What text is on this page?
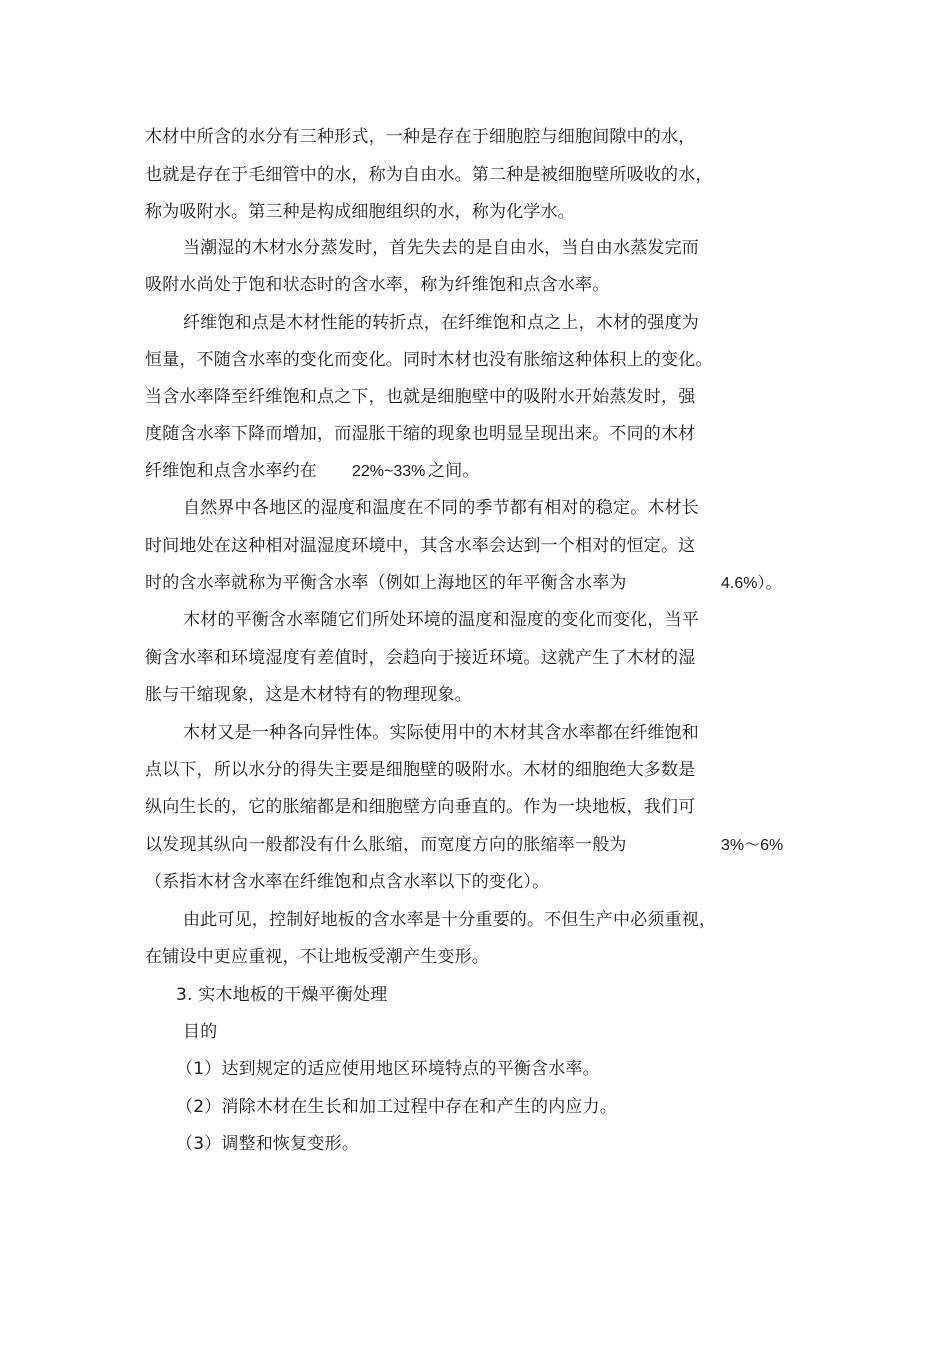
木材中所含的水分有三种形式，一种是存在于细胞腔与细胞间隙中的水，
也就是存在于毛细管中的水，称为自由水。第二种是被细胞壁所吸收的水，
称为吸附水。第三种是构成细胞组织的水，称为化学水。
当潮湿的木材水分蒸发时，首先失去的是自由水，当自由水蒸发完而
吸附水尚处于饱和状态时的含水率，称为纤维饱和点含水率。
纤维饱和点是木材性能的转折点，在纤维饱和点之上，木材的强度为
恒量，不随含水率的变化而变化。同时木材也没有胀缩这种体积上的变化。
当含水率降至纤维饱和点之下，也就是细胞壁中的吸附水开始蒸发时，强
度随含水率下降而增加，而湿胀干缩的现象也明显呈现出来。不同的木材
纤维饱和点含水率约在 22%~33% 之间。
自然界中各地区的湿度和温度在不同的季节都有相对的稳定。木材长
时间地处在这种相对温湿度环境中，其含水率会达到一个相对的恒定。这
时的含水率就称为平衡含水率（例如上海地区的年平衡含水率为	4.6%）。
木材的平衡含水率随它们所处环境的温度和湿度的变化而变化，当平
衡含水率和环境湿度有差值时，会趋向于接近环境。这就产生了木材的湿
胀与干缩现象，这是木材特有的物理现象。
木材又是一种各向异性体。实际使用中的木材其含水率都在纤维饱和
点以下，所以水分的得失主要是细胞壁的吸附水。木材的细胞绝大多数是
纵向生长的，它的胀缩都是和细胞壁方向垂直的。作为一块地板，我们可
以发现其纵向一般都没有什么胀缩，而宽度方向的胀缩率一般为	3%～6%
（系指木材含水率在纤维饱和点含水率以下的变化）。
由此可见，控制好地板的含水率是十分重要的。不但生产中必须重视，
在铺设中更应重视，不让地板受潮产生变形。
3. 实木地板的干燥平衡处理
目的
（1）达到规定的适应使用地区环境特点的平衡含水率。
（2）消除木材在生长和加工过程中存在和产生的内应力。
（3）调整和恢复变形。
